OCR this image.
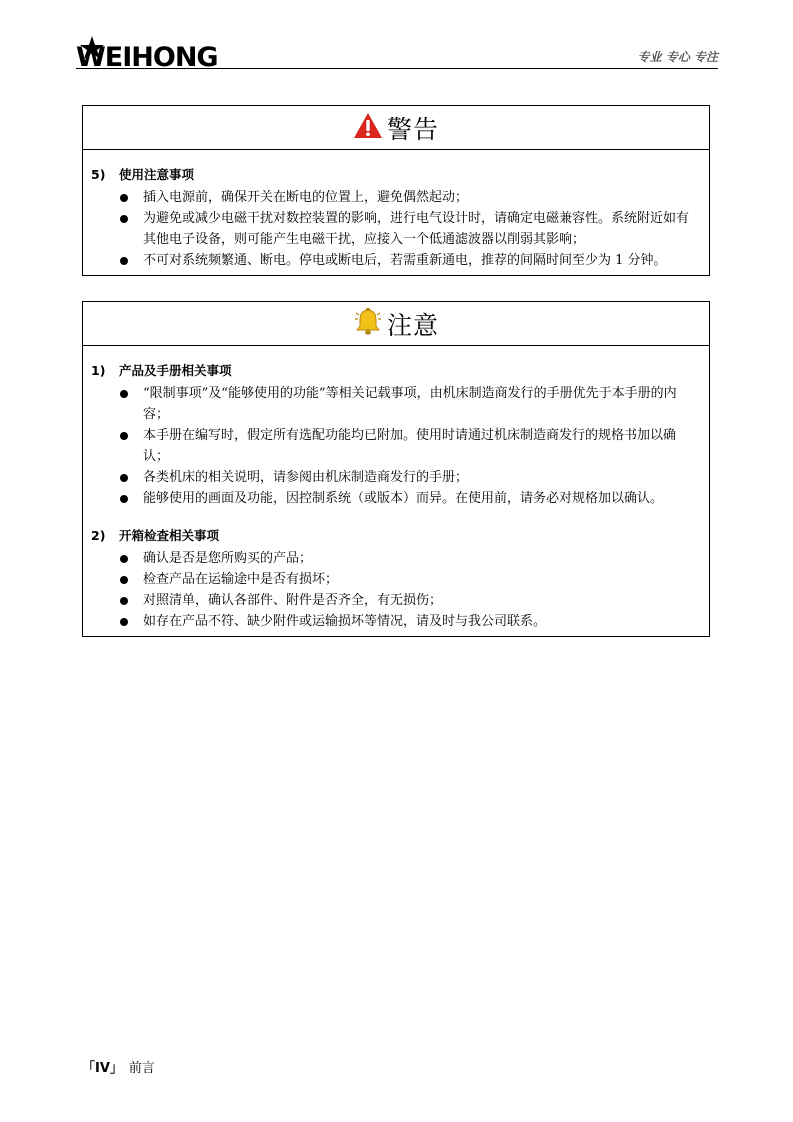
WEIHONG	专业 专心 专注
警告
5)	使用注意事项
插入电源前，确保开关在断电的位置上，避免偶然起动；
为避免或减少电磁干扰对数控装置的影响，进行电气设计时，请确定电磁兼容性。系统附近如有其他电子设备，则可能产生电磁干扰，应接入一个低通滤波器以削弱其影响；
不可对系统频繁通、断电。停电或断电后，若需重新通电，推荐的间隔时间至少为 1 分钟。
注意
1)	产品及手册相关事项
“限制事项”及“能够使用的功能”等相关记载事项，由机床制造商发行的手册优先于本手册的内容；
本手册在编写时，假定所有选配功能均已附加。使用时请通过机床制造商发行的规格书加以确认；
各类机床的相关说明，请参阅由机床制造商发行的手册；
能够使用的画面及功能，因控制系统（或版本）而异。在使用前，请务必对规格加以确认。
2)	开箱检查相关事项
确认是否是您所购买的产品；
检查产品在运输途中是否有损坏；
对照清单，确认各部件、附件是否齐全，有无损伤；
如存在产品不符、缺少附件或运输损坏等情况，请及时与我公司联系。
「IV」 前言
